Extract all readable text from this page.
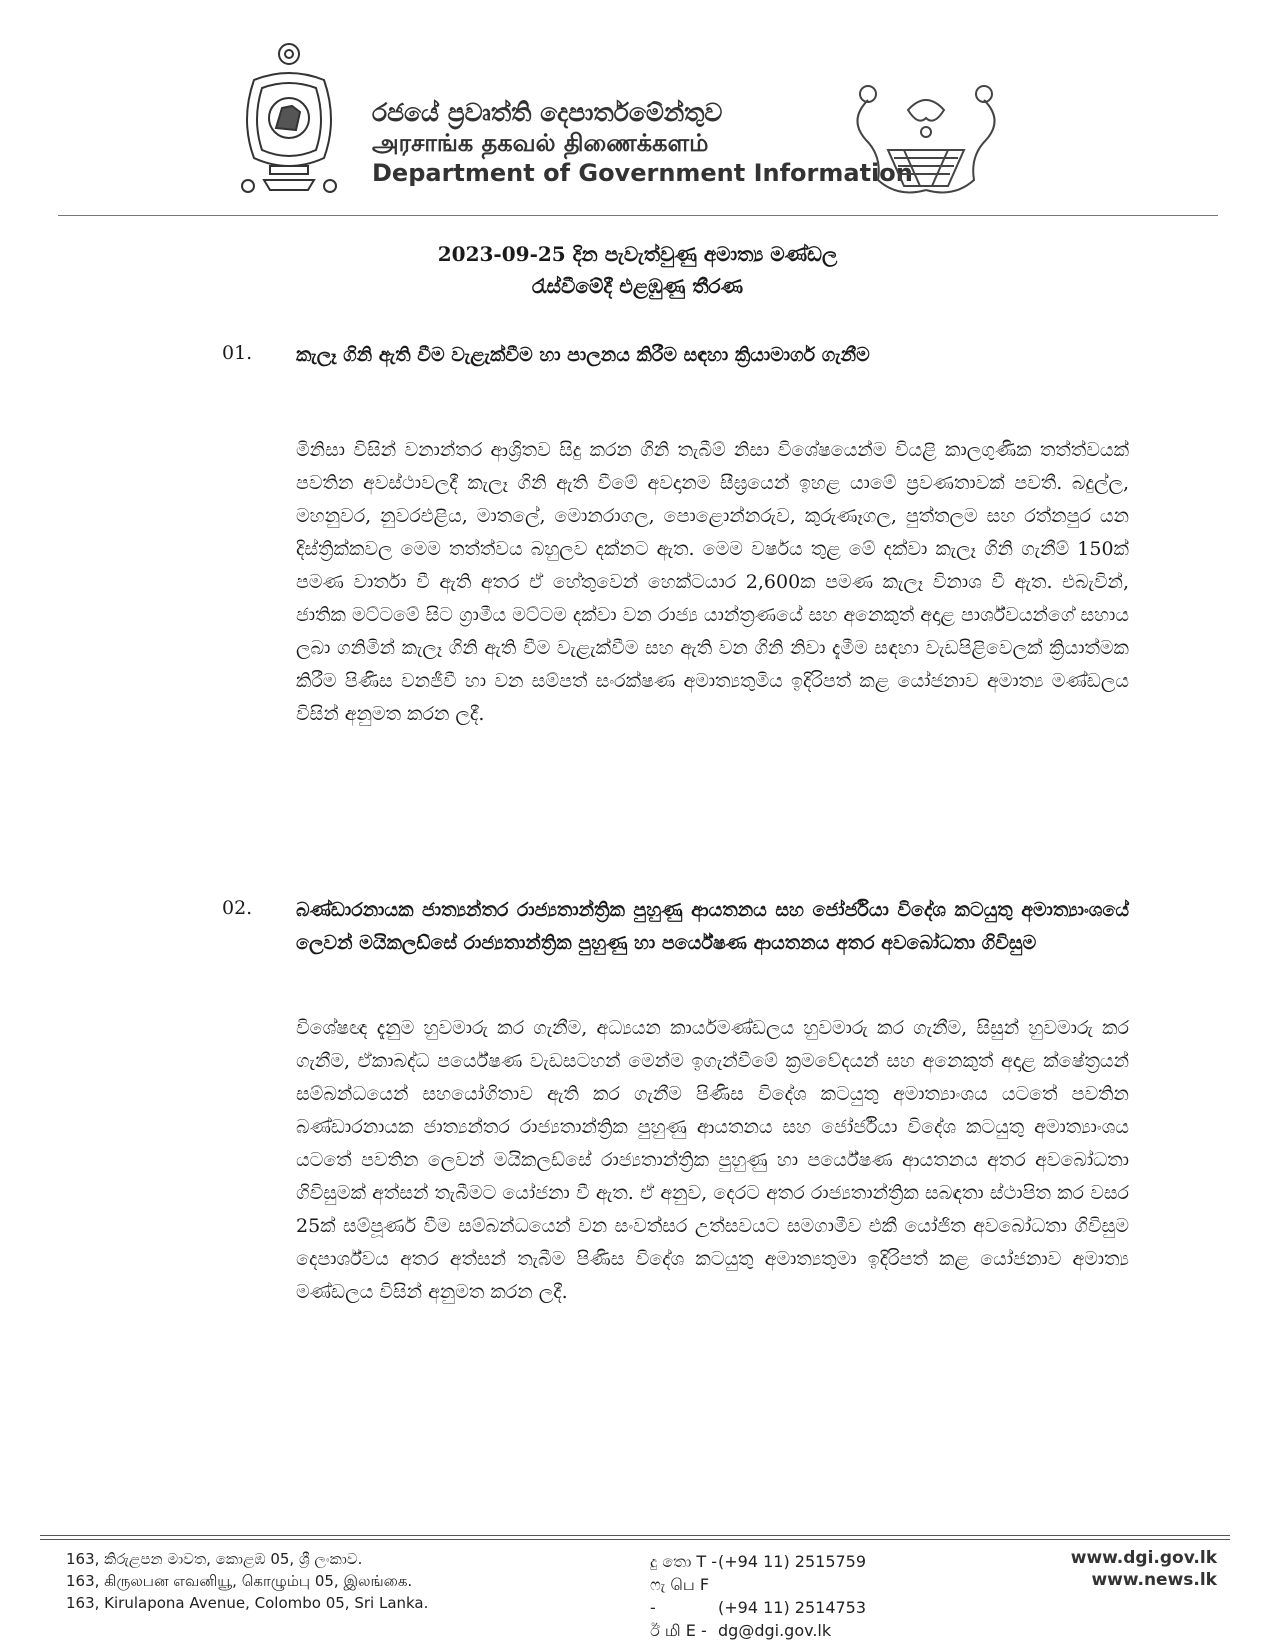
රජයේ ප්‍රවෘත්ති දෙපාර්තමේන්තුව
அரசாங்க தகவல் திணைக்களம்
Department of Government Information
2023-09-25 දින පැවැත්වුණු අමාත්‍ය මණ්ඩල
රැස්වීමේදී එළඹුණු තීරණ
01. කැලෑ ගිනි ඇති වීම වැළැක්වීම හා පාලනය කිරීම සඳහා ක්‍රියාමාර්ග ගැනීම
මිනිසා විසින් වනාන්තර ආශ්‍රිතව සිදු කරන ගිනි තැබීම් නිසා විශේෂයෙන්ම වියළි කාලගුණික තත්ත්වයක් පවතින අවස්ථාවලදී කැලෑ ගිනි ඇති වීමේ අවදානම සීඝ්‍රයෙන් ඉහළ යාමේ ප්‍රවණතාවක් පවතී. බදුල්ල, මහනුවර, නුවරඑළිය, මාතලේ, මොනරාගල, පොළොන්නරුව, කුරුණෑගල, පුත්තලම සහ රත්නපුර යන දිස්ත්‍රික්කවල මෙම තත්ත්වය බහුලව දක්නට ඇත. මෙම වර්ෂය තුළ මේ දක්වා කැලෑ ගිනි ගැනීම් 150ක් පමණ වාර්තා වී ඇති අතර ඒ හේතුවෙන් හෙක්ටයාර 2,600ක පමණ කැලෑ විනාශ වී ඇත. එබැවින්, ජාතික මට්ටමේ සිට ග්‍රාමීය මට්ටම දක්වා වන රාජ්‍ය යාන්ත්‍රණයේ සහ අනෙකුත් අදාළ පාර්ශ්වයන්ගේ සහාය ලබා ගනිමින් කැලෑ ගිනි ඇති වීම වැළැක්වීම සහ ඇති වන ගිනි නිවා දැමීම සඳහා වැඩපිළිවෙලක් ක්‍රියාත්මක කිරීම පිණිස වනජීවී හා වන සම්පත් සංරක්ෂණ අමාත්‍යතුමිය ඉදිරිපත් කළ යෝජනාව අමාත්‍ය මණ්ඩලය විසින් අනුමත කරන ලදී.
02. බණ්ඩාරනායක ජාත්‍යන්තර රාජ්‍යතාන්ත්‍රික පුහුණු ආයතනය සහ ජෝර්ජියා විදේශ කටයුතු අමාත්‍යාංශයේ ලෙවන් මයිකලඩ්සේ රාජ්‍යතාන්ත්‍රික පුහුණු හා පර්යේෂණ ආයතනය අතර අවබෝධතා ගිවිසුම
විශේෂඥ දැනුම හුවමාරු කර ගැනීම, අධ්‍යයන කාර්යමණ්ඩලය හුවමාරු කර ගැනීම, සිසුන් හුවමාරු කර ගැනීම, ඒකාබද්ධ පර්යේෂණ වැඩසටහන් මෙන්ම ඉගැන්වීමේ ක්‍රමවේදයන් සහ අනෙකුත් අදාළ ක්ෂේත්‍රයන් සම්බන්ධයෙන් සහයෝගිතාව ඇති කර ගැනීම පිණිස විදේශ කටයුතු අමාත්‍යාංශය යටතේ පවතින බණ්ඩාරනායක ජාත්‍යන්තර රාජ්‍යතාන්ත්‍රික පුහුණු ආයතනය සහ ජෝර්ජියා විදේශ කටයුතු අමාත්‍යාංශය යටතේ පවතින ලෙවන් මයිකලඩ්සේ රාජ්‍යතාන්ත්‍රික පුහුණු හා පර්යේෂණ ආයතනය අතර අවබෝධතා ගිවිසුමක් අත්සන් තැබීමට යෝජනා වී ඇත. ඒ අනුව, දෙරට අතර රාජ්‍යතාන්ත්‍රික සබඳතා ස්ථාපිත කර වසර 25ක් සම්පූර්ණ වීම සම්බන්ධයෙන් වන සංවත්සර උත්සවයට සමගාමීව එකී යෝජිත අවබෝධතා ගිවිසුම දෙපාර්ශ්වය අතර අත්සන් තැබීම පිණිස විදේශ කටයුතු අමාත්‍යතුමා ඉදිරිපත් කළ යෝජනාව අමාත්‍ය මණ්ඩලය විසින් අනුමත කරන ලදී.
163, කිරුළපන මාවත, කොළඹ 05, ශ්‍රී ලංකාව.
163, கிருலபன எவனியூ, கொழும்பு 05, இலங்கை.
163, Kirulapona Avenue, Colombo 05, Sri Lanka.
දු තො T -(+94 11) 2515759
ෆැ பெ F -	(+94 11) 2514753
ඊ மி E - dg@dgi.gov.lk
www.dgi.gov.lk
www.news.lk
